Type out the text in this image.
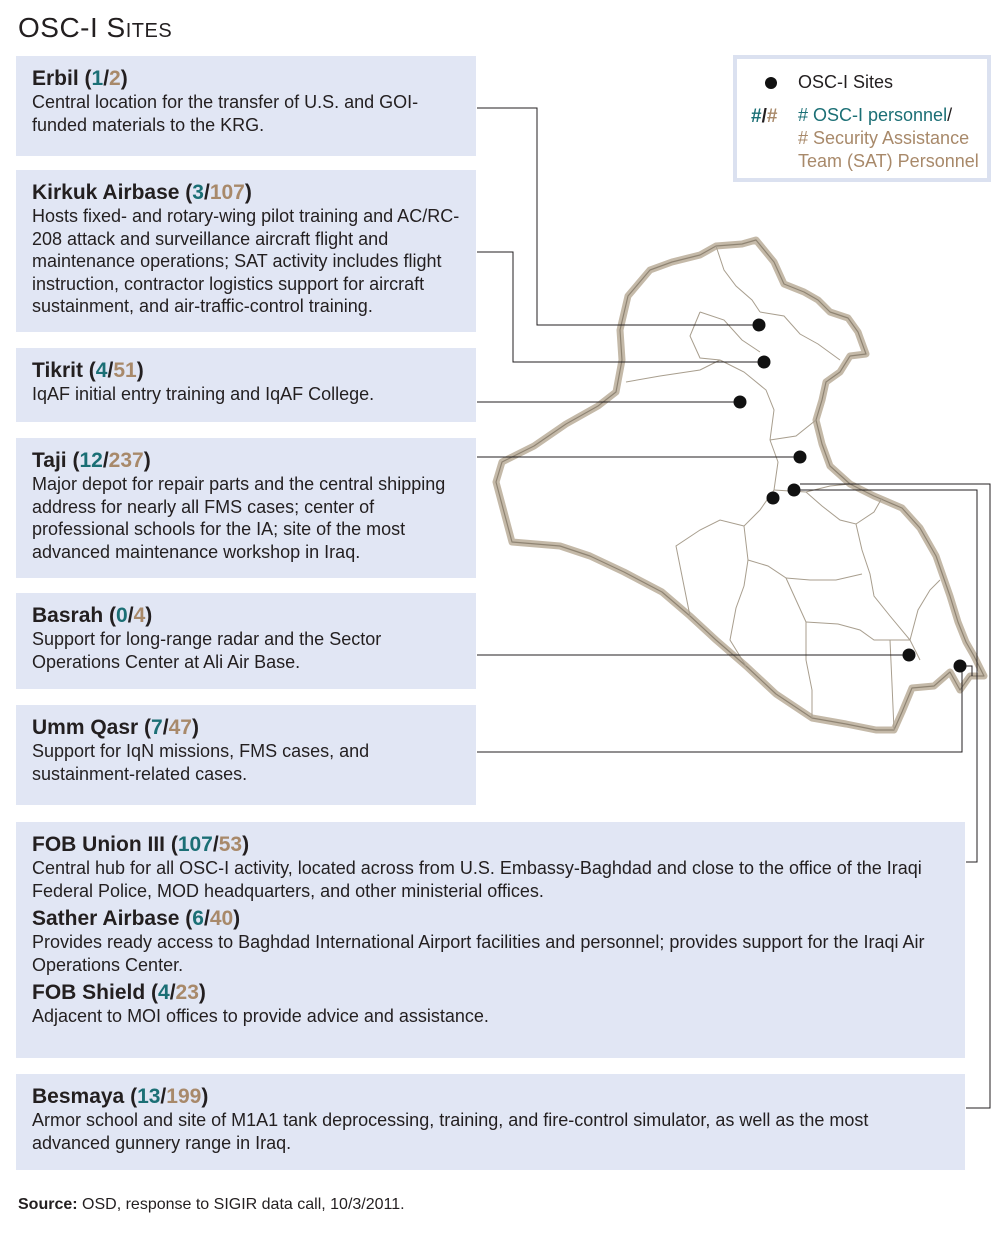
OSC-I Sites
OSC-I Sites
#/# # OSC-I personnel/
# Security Assistance
Team (SAT) Personnel
Erbil (1/2)
Central location for the transfer of U.S. and GOI-funded materials to the KRG.
Kirkuk Airbase (3/107)
Hosts fixed- and rotary-wing pilot training and AC/RC-208 attack and surveillance aircraft flight and maintenance operations; SAT activity includes flight instruction, contractor logistics support for aircraft sustainment, and air-traffic-control training.
Tikrit (4/51)
IqAF initial entry training and IqAF College.
Taji (12/237)
Major depot for repair parts and the central shipping address for nearly all FMS cases; center of professional schools for the IA; site of the most advanced maintenance workshop in Iraq.
Basrah (0/4)
Support for long-range radar and the Sector Operations Center at Ali Air Base.
Umm Qasr (7/47)
Support for IqN missions, FMS cases, and sustainment-related cases.
FOB Union III (107/53)
Central hub for all OSC-I activity, located across from U.S. Embassy-Baghdad and close to the office of the Iraqi Federal Police, MOD headquarters, and other ministerial offices.
Sather Airbase (6/40)
Provides ready access to Baghdad International Airport facilities and personnel; provides support for the Iraqi Air Operations Center.
FOB Shield (4/23)
Adjacent to MOI offices to provide advice and assistance.
Besmaya (13/199)
Armor school and site of M1A1 tank deprocessing, training, and fire-control simulator, as well as the most advanced gunnery range in Iraq.
Source: OSD, response to SIGIR data call, 10/3/2011.
